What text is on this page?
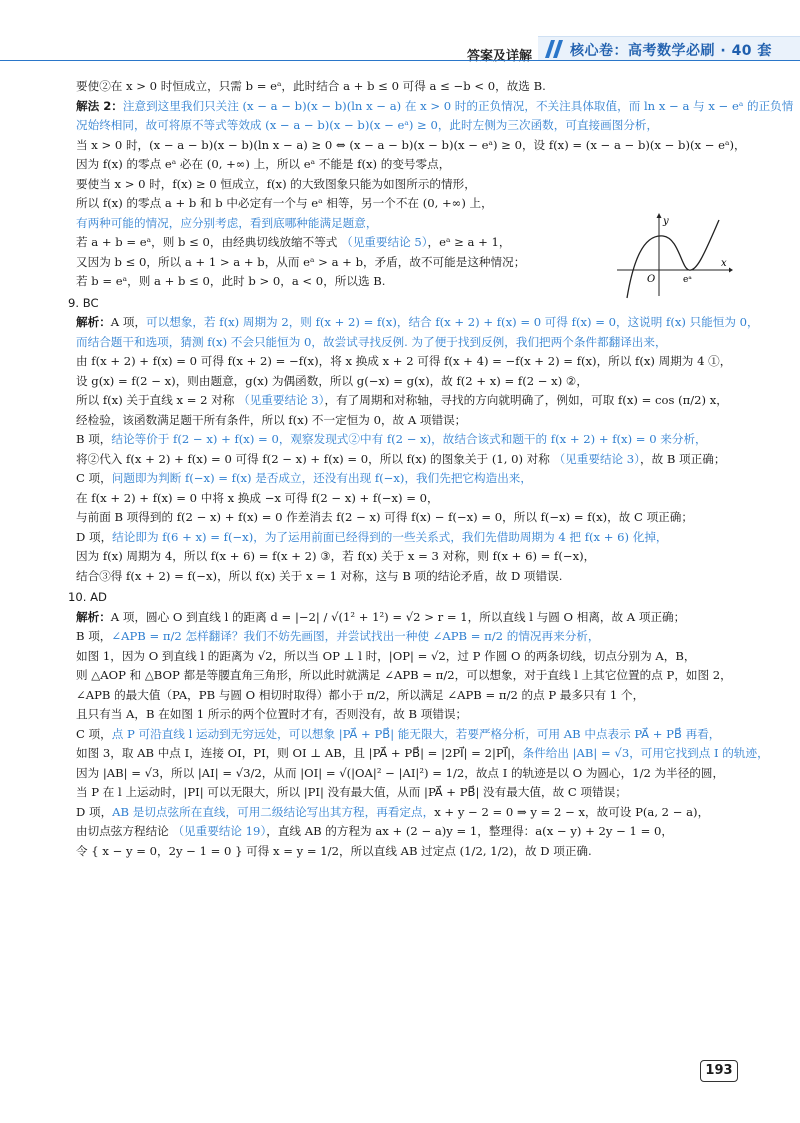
答案及详解	核心卷：高考数学必刷 · 40 套

要使②在 x > 0 时恒成立，只需 b = eᵃ，此时结合 a + b ≤ 0 可得 a ≤ −b < 0，故选 B.

解法 2：注意到这里我们只关注 (x − a − b)(x − b)(ln x − a) 在 x > 0 时的正负情况，不关注具体取值，而 ln x − a 与 x − eᵃ 的正负情

况始终相同，故可将原不等式等效成 (x − a − b)(x − b)(x − eᵃ) ≥ 0，此时左侧为三次函数，可直接画图分析，

当 x > 0 时，(x − a − b)(x − b)(ln x − a) ≥ 0 ⇔ (x − a − b)(x − b)(x − eᵃ) ≥ 0，设 f(x) = (x − a − b)(x − b)(x − eᵃ)，

因为 f(x) 的零点 eᵃ 必在 (0, +∞) 上，所以 eᵃ 不能是 f(x) 的变号零点，

要使当 x > 0 时，f(x) ≥ 0 恒成立，f(x) 的大致图象只能为如图所示的情形，

所以 f(x) 的零点 a + b 和 b 中必定有一个与 eᵃ 相等，另一个不在 (0, +∞) 上，

有两种可能的情况，应分别考虑，看到底哪种能满足题意，

若 a + b = eᵃ，则 b ≤ 0，由经典切线放缩不等式 （见重要结论 5），eᵃ ≥ a + 1，

又因为 b ≤ 0，所以 a + 1 > a + b，从而 eᵃ > a + b，矛盾，故不可能是这种情况；

若 b = eᵃ，则 a + b ≤ 0，此时 b > 0，a < 0，所以选 B.

9. BC

解析：A 项，可以想象，若 f(x) 周期为 2，则 f(x + 2) = f(x)，结合 f(x + 2) + f(x) = 0 可得 f(x) = 0，这说明 f(x) 只能恒为 0，

而结合题干和选项，猜测 f(x) 不会只能恒为 0，故尝试寻找反例. 为了便于找到反例，我们把两个条件都翻译出来，

由 f(x + 2) + f(x) = 0 可得 f(x + 2) = −f(x)，将 x 换成 x + 2 可得 f(x + 4) = −f(x + 2) = f(x)，所以 f(x) 周期为 4 ①，

设 g(x) = f(2 − x)，则由题意，g(x) 为偶函数，所以 g(−x) = g(x)，故 f(2 + x) = f(2 − x) ②，

所以 f(x) 关于直线 x = 2 对称 （见重要结论 3），有了周期和对称轴，寻找的方向就明确了，例如，可取 f(x) = cos (π/2) x，

经检验，该函数满足题干所有条件，所以 f(x) 不一定恒为 0，故 A 项错误；

B 项，结论等价于 f(2 − x) + f(x) = 0，观察发现式②中有 f(2 − x)，故结合该式和题干的 f(x + 2) + f(x) = 0 来分析，

将②代入 f(x + 2) + f(x) = 0 可得 f(2 − x) + f(x) = 0，所以 f(x) 的图象关于 (1, 0) 对称 （见重要结论 3），故 B 项正确；

C 项，问题即为判断 f(−x) = f(x) 是否成立，还没有出现 f(−x)，我们先把它构造出来，

在 f(x + 2) + f(x) = 0 中将 x 换成 −x 可得 f(2 − x) + f(−x) = 0，

与前面 B 项得到的 f(2 − x) + f(x) = 0 作差消去 f(2 − x) 可得 f(x) − f(−x) = 0，所以 f(−x) = f(x)，故 C 项正确；

D 项，结论即为 f(6 + x) = f(−x)，为了运用前面已经得到的一些关系式，我们先借助周期为 4 把 f(x + 6) 化掉，

因为 f(x) 周期为 4，所以 f(x + 6) = f(x + 2) ③，若 f(x) 关于 x = 3 对称，则 f(x + 6) = f(−x)，

结合③得 f(x + 2) = f(−x)，所以 f(x) 关于 x = 1 对称，这与 B 项的结论矛盾，故 D 项错误.

10. AD

解析：A 项，圆心 O 到直线 l 的距离 d = |−2| / √(1² + 1²) = √2 > r = 1，所以直线 l 与圆 O 相离，故 A 项正确；

B 项，∠APB = π/2 怎样翻译？我们不妨先画图，并尝试找出一种使 ∠APB = π/2 的情况再来分析，

如图 1，因为 O 到直线 l 的距离为 √2，所以当 OP ⊥ l 时，|OP| = √2，过 P 作圆 O 的两条切线，切点分别为 A，B，

则 △AOP 和 △BOP 都是等腰直角三角形，所以此时就满足 ∠APB = π/2，可以想象，对于直线 l 上其它位置的点 P，如图 2，

∠APB 的最大值（PA，PB 与圆 O 相切时取得）都小于 π/2，所以满足 ∠APB = π/2 的点 P 最多只有 1 个，

且只有当 A，B 在如图 1 所示的两个位置时才有，否则没有，故 B 项错误；

C 项，点 P 可沿直线 l 运动到无穷远处，可以想象 |PA⃗ + PB⃗| 能无限大，若要严格分析，可用 AB 中点表示 PA⃗ + PB⃗ 再看，

如图 3，取 AB 中点 I，连接 OI，PI，则 OI ⊥ AB，且 |PA⃗ + PB⃗| = |2PI⃗| = 2|PI⃗|，条件给出 |AB| = √3，可用它找到点 I 的轨迹，

因为 |AB| = √3，所以 |AI| = √3/2，从而 |OI| = √(|OA|² − |AI|²) = 1/2，故点 I 的轨迹是以 O 为圆心，1/2 为半径的圆，

当 P 在 l 上运动时，|PI| 可以无限大，所以 |PI| 没有最大值，从而 |PA⃗ + PB⃗| 没有最大值，故 C 项错误；

D 项，AB 是切点弦所在直线，可用二级结论写出其方程，再看定点，x + y − 2 = 0 ⇒ y = 2 − x，故可设 P(a, 2 − a)，

由切点弦方程结论 （见重要结论 19），直线 AB 的方程为 ax + (2 − a)y = 1，整理得：a(x − y) + 2y − 1 = 0，

令 { x − y = 0，2y − 1 = 0 } 可得 x = y = 1/2，所以直线 AB 过定点 (1/2, 1/2)，故 D 项正确.

y
x
O	eᵃ
193
